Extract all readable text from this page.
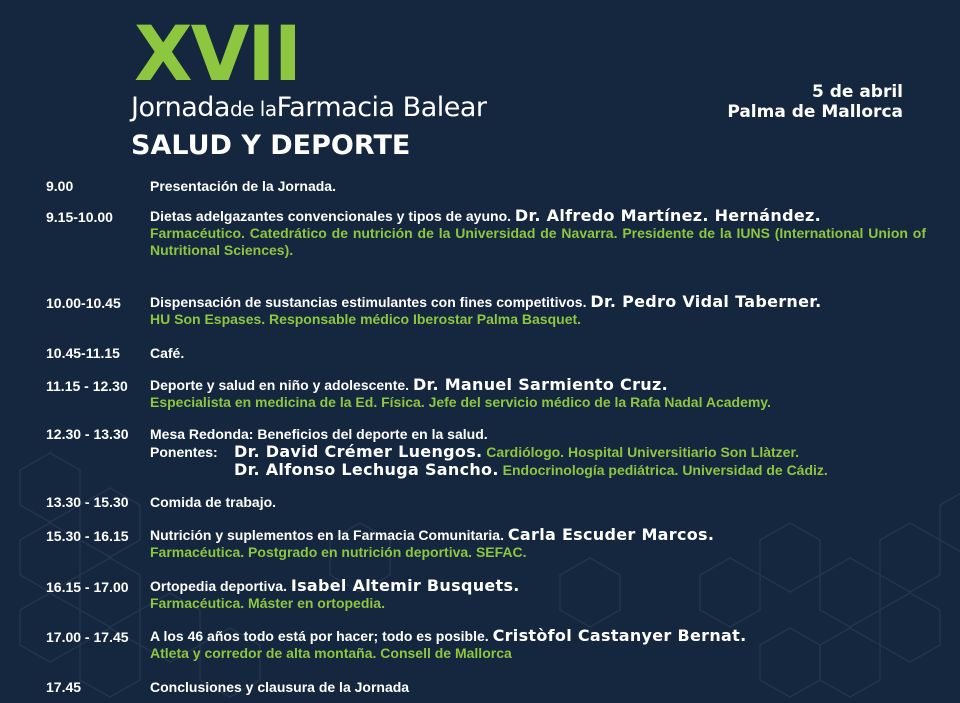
XVII
Jornadade laFarmacia Balear
SALUD Y DEPORTE
5 de abril
Palma de Mallorca
9.00	Presentación de la Jornada.
9.15-10.00	Dietas adelgazantes convencionales y tipos de ayuno. Dr. Alfredo Martínez. Hernández.
Farmacéutico. Catedrático de nutrición de la Universidad de Navarra. Presidente de la IUNS (International Union of Nutritional Sciences).
10.00-10.45	Dispensación de sustancias estimulantes con fines competitivos. Dr. Pedro Vidal Taberner.
HU Son Espases. Responsable médico Iberostar Palma Basquet.
10.45-11.15	Café.
11.15 - 12.30	Deporte y salud en niño y adolescente. Dr. Manuel Sarmiento Cruz.
Especialista en medicina de la Ed. Física. Jefe del servicio médico de la Rafa Nadal Academy.
12.30 - 13.30	Mesa Redonda: Beneficios del deporte en la salud.
Ponentes: Dr. David Crémer Luengos. Cardiólogo. Hospital Universitiario Son Llàtzer.
Dr. Alfonso Lechuga Sancho. Endocrinología pediátrica. Universidad de Cádiz.
13.30 - 15.30	Comida de trabajo.
15.30 - 16.15	Nutrición y suplementos en la Farmacia Comunitaria. Carla Escuder Marcos.
Farmacéutica. Postgrado en nutrición deportiva. SEFAC.
16.15 - 17.00	Ortopedia deportiva. Isabel Altemir Busquets.
Farmacéutica. Máster en ortopedia.
17.00 - 17.45	A los 46 años todo está por hacer; todo es posible. Cristòfol Castanyer Bernat.
Atleta y corredor de alta montaña. Consell de Mallorca
17.45	Conclusiones y clausura de la Jornada
